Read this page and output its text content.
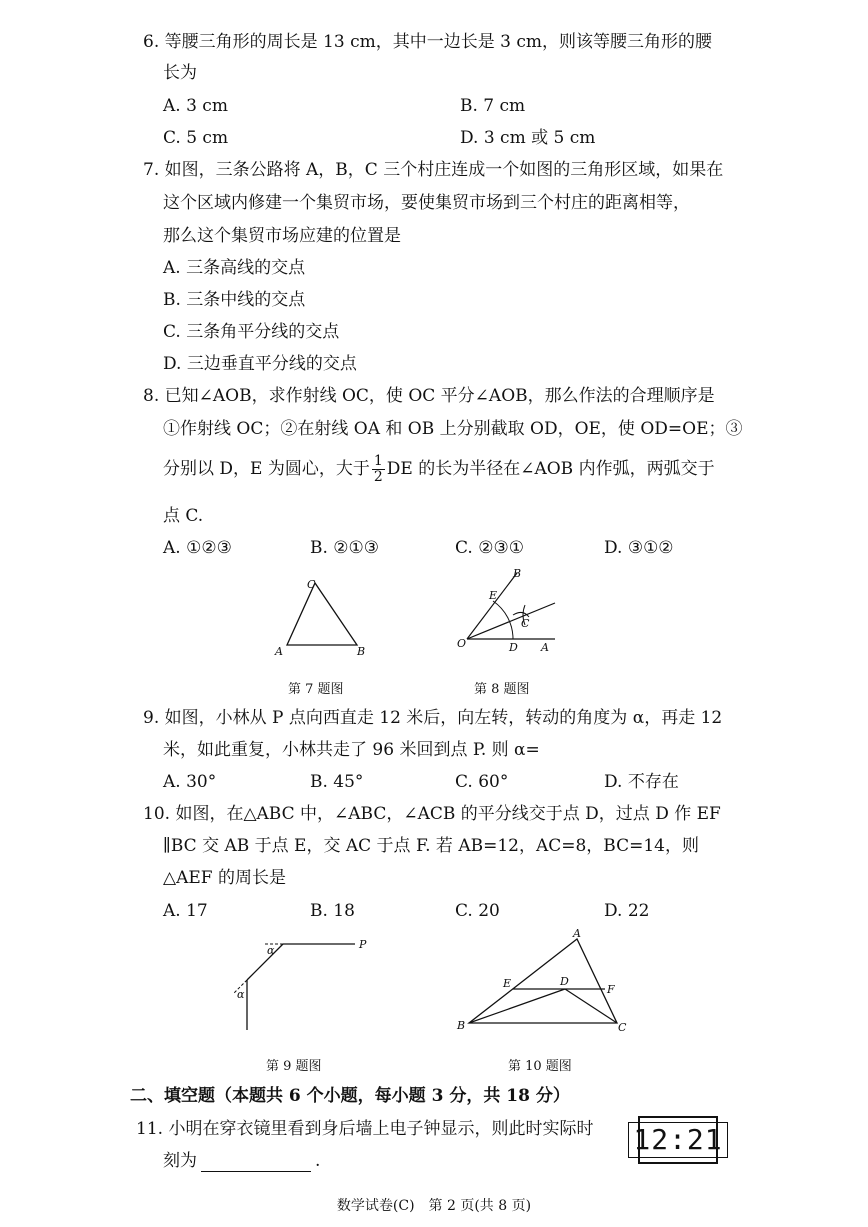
6. 等腰三角形的周长是 13 cm，其中一边长是 3 cm，则该等腰三角形的腰
长为
A. 3 cm	B. 7 cm
C. 5 cm	D. 3 cm 或 5 cm
7. 如图，三条公路将 A，B，C 三个村庄连成一个如图的三角形区域，如果在
这个区域内修建一个集贸市场，要使集贸市场到三个村庄的距离相等，
那么这个集贸市场应建的位置是
A. 三条高线的交点
B. 三条中线的交点
C. 三条角平分线的交点
D. 三边垂直平分线的交点
8. 已知∠AOB，求作射线 OC，使 OC 平分∠AOB，那么作法的合理顺序是
①作射线 OC；②在射线 OA 和 OB 上分别截取 OD，OE，使 OD=OE；③
分别以 D，E 为圆心，大于 $\frac{1}{2}$ DE 的长为半径在∠AOB 内作弧，两弧交于
点 C.
A. ①②③	B. ②①③	C. ②③①	D. ③①②
A	B
C
第 7 题图
O	D A
E
B
C
第 8 题图
9. 如图，小林从 P 点向西直走 12 米后，向左转，转动的角度为 α，再走 12
米，如此重复，小林共走了 96 米回到点 P. 则 α=
A. 30°	B. 45°	C. 60°	D. 不存在
10. 如图，在△ABC 中，∠ABC，∠ACB 的平分线交于点 D，过点 D 作 EF
∥BC 交 AB 于点 E，交 AC 于点 F. 若 AB=12，AC=8，BC=14，则
△AEF 的周长是
A. 17	B. 18	C. 20	D. 22
P
α
α
第 9 题图
A
B	C
D
E	F
第 10 题图
二、填空题（本题共 6 个小题，每小题 3 分，共 18 分）
11. 小明在穿衣镜里看到身后墙上电子钟显示，则此时实际时
刻为	.
12:21
数学试卷(C)　第 2 页(共 8 页)
